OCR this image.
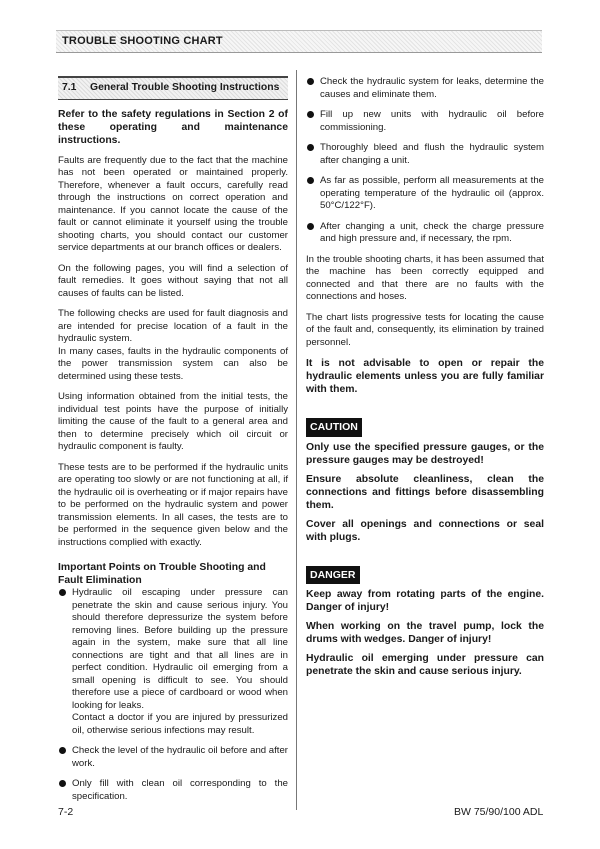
TROUBLE SHOOTING CHART
7.1 General Trouble Shooting Instructions
Refer to the safety regulations in Section 2 of these operating and maintenance instructions.

Faults are frequently due to the fact that the machine has not been operated or maintained properly. Therefore, whenever a fault occurs, carefully read through the instructions on correct operation and maintenance. If you cannot locate the cause of the fault or cannot eliminate it yourself using the trouble shooting charts, you should contact our customer service departments at our branch offices or dealers.

On the following pages, you will find a selection of fault remedies. It goes without saying that not all causes of faults can be listed.

The following checks are used for fault diagnosis and are intended for precise location of a fault in the hydraulic system.

In many cases, faults in the hydraulic components of the power transmission system can also be determined using these tests.

Using information obtained from the initial tests, the individual test points have the purpose of initially limiting the cause of the fault to a general area and then to determine precisely which oil circuit or hydraulic component is faulty.

These tests are to be performed if the hydraulic units are operating too slowly or are not functioning at all, if the hydraulic oil is overheating or if major repairs have to be performed on the hydraulic system and power transmission elements. In all cases, the tests are to be performed in the sequence given below and the instructions complied with exactly.

Important Points on Trouble Shooting and Fault Elimination
Hydraulic oil escaping under pressure can penetrate the skin and cause serious injury. You should therefore depressurize the system before removing lines. Before building up the pressure again in the system, make sure that all line connections are tight and that all lines are in perfect condition. Hydraulic oil emerging from a small opening is difficult to see. You should therefore use a piece of cardboard or wood when looking for leaks.
Contact a doctor if you are injured by pressurized oil, otherwise serious infections may result.
Check the level of the hydraulic oil before and after work.
Only fill with clean oil corresponding to the specification.
Check the hydraulic system for leaks, determine the causes and eliminate them.
Fill up new units with hydraulic oil before commissioning.
Thoroughly bleed and flush the hydraulic system after changing a unit.
As far as possible, perform all measurements at the operating temperature of the hydraulic oil (approx. 50°C/122°F).
After changing a unit, check the charge pressure and high pressure and, if necessary, the rpm.

In the trouble shooting charts, it has been assumed that the machine has been correctly equipped and connected and that there are no faults with the connections and hoses.

The chart lists progressive tests for locating the cause of the fault and, consequently, its elimination by trained personnel.

It is not advisable to open or repair the hydraulic elements unless you are fully familiar with them.
CAUTION
Only use the specified pressure gauges, or the pressure gauges may be destroyed!
Ensure absolute cleanliness, clean the connections and fittings before disassembling them.
Cover all openings and connections or seal with plugs.
DANGER
Keep away from rotating parts of the engine. Danger of injury!
When working on the travel pump, lock the drums with wedges. Danger of injury!
Hydraulic oil emerging under pressure can penetrate the skin and cause serious injury.
7-2	BW 75/90/100 ADL
